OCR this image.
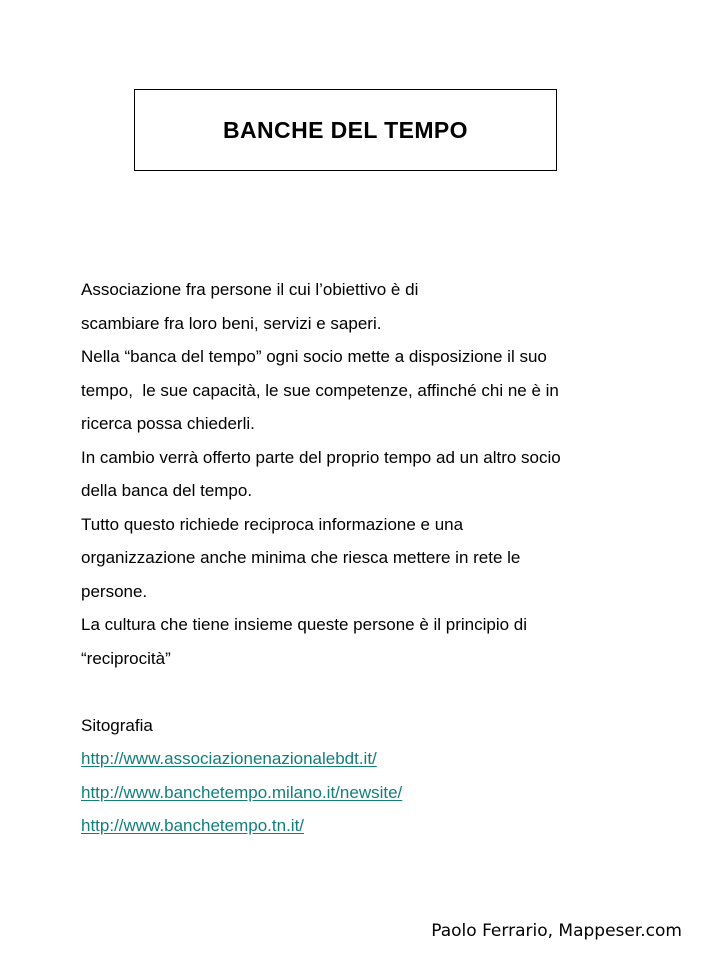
BANCHE DEL TEMPO
Associazione fra persone il cui l’obiettivo è di
scambiare fra loro beni, servizi e saperi.
Nella “banca del tempo” ogni socio mette a disposizione il suo
tempo,  le sue capacità, le sue competenze, affinché chi ne è in
ricerca possa chiederli.
In cambio verrà offerto parte del proprio tempo ad un altro socio
della banca del tempo.
Tutto questo richiede reciproca informazione e una
organizzazione anche minima che riesca mettere in rete le
persone.
La cultura che tiene insieme queste persone è il principio di
“reciprocità”

Sitografia
http://www.associazionenazionalebdt.it/
http://www.banchetempo.milano.it/newsite/
http://www.banchetempo.tn.it/
Paolo Ferrario, Mappeser.com
